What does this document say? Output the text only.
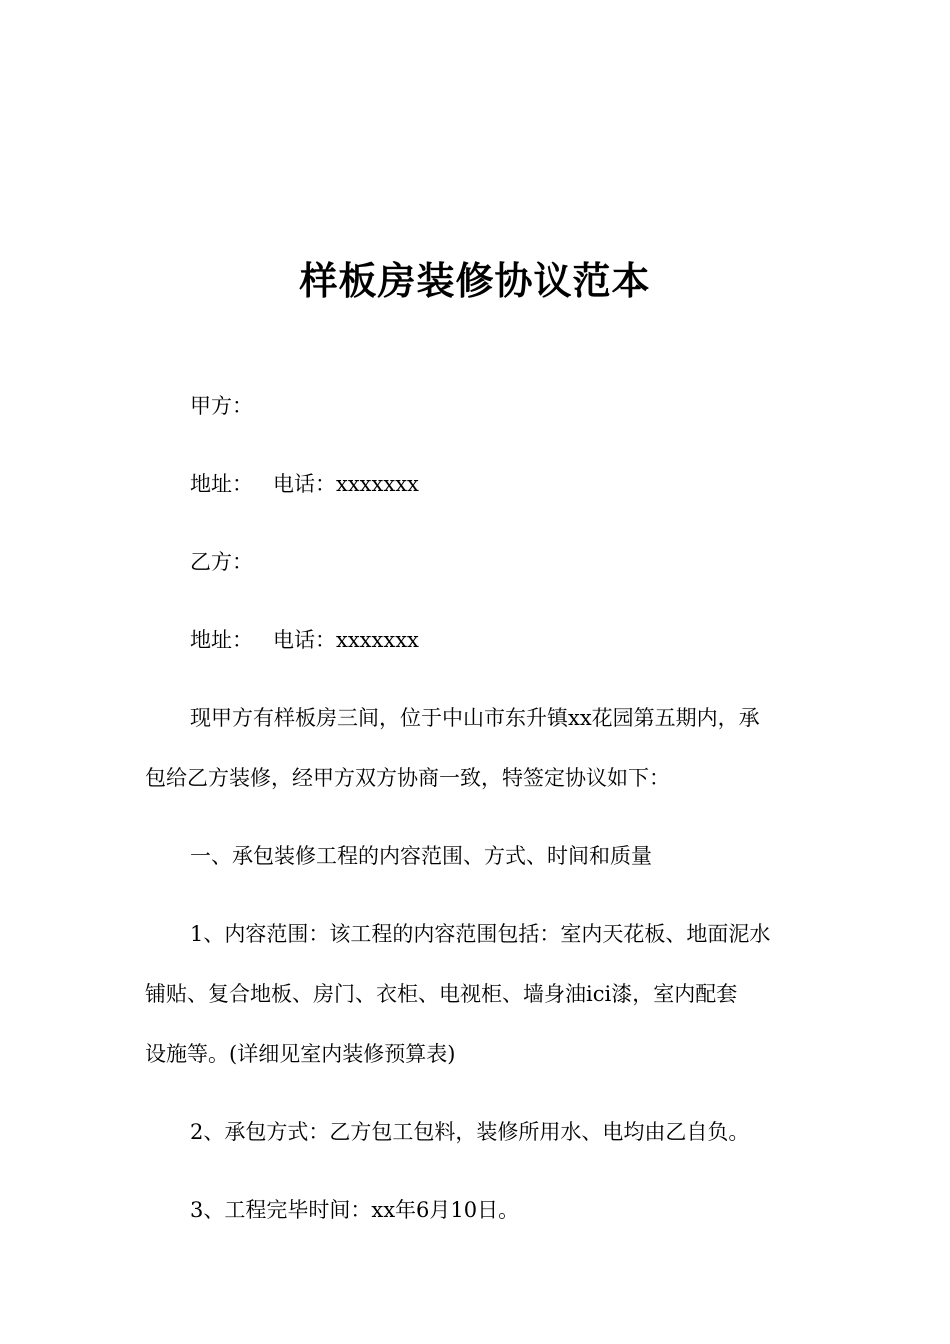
样板房装修协议范本
甲方：
地址： 电话：xxxxxxx
乙方：
地址： 电话：xxxxxxx
现甲方有样板房三间，位于中山市东升镇xx花园第五期内，承
包给乙方装修，经甲方双方协商一致，特签定协议如下：
一、承包装修工程的内容范围、方式、时间和质量
1、内容范围：该工程的内容范围包括：室内天花板、地面泥水
铺贴、复合地板、房门、衣柜、电视柜、墙身油ici漆，室内配套
设施等。(详细见室内装修预算表)
2、承包方式：乙方包工包料，装修所用水、电均由乙自负。
3、工程完毕时间：xx年6月10日。
